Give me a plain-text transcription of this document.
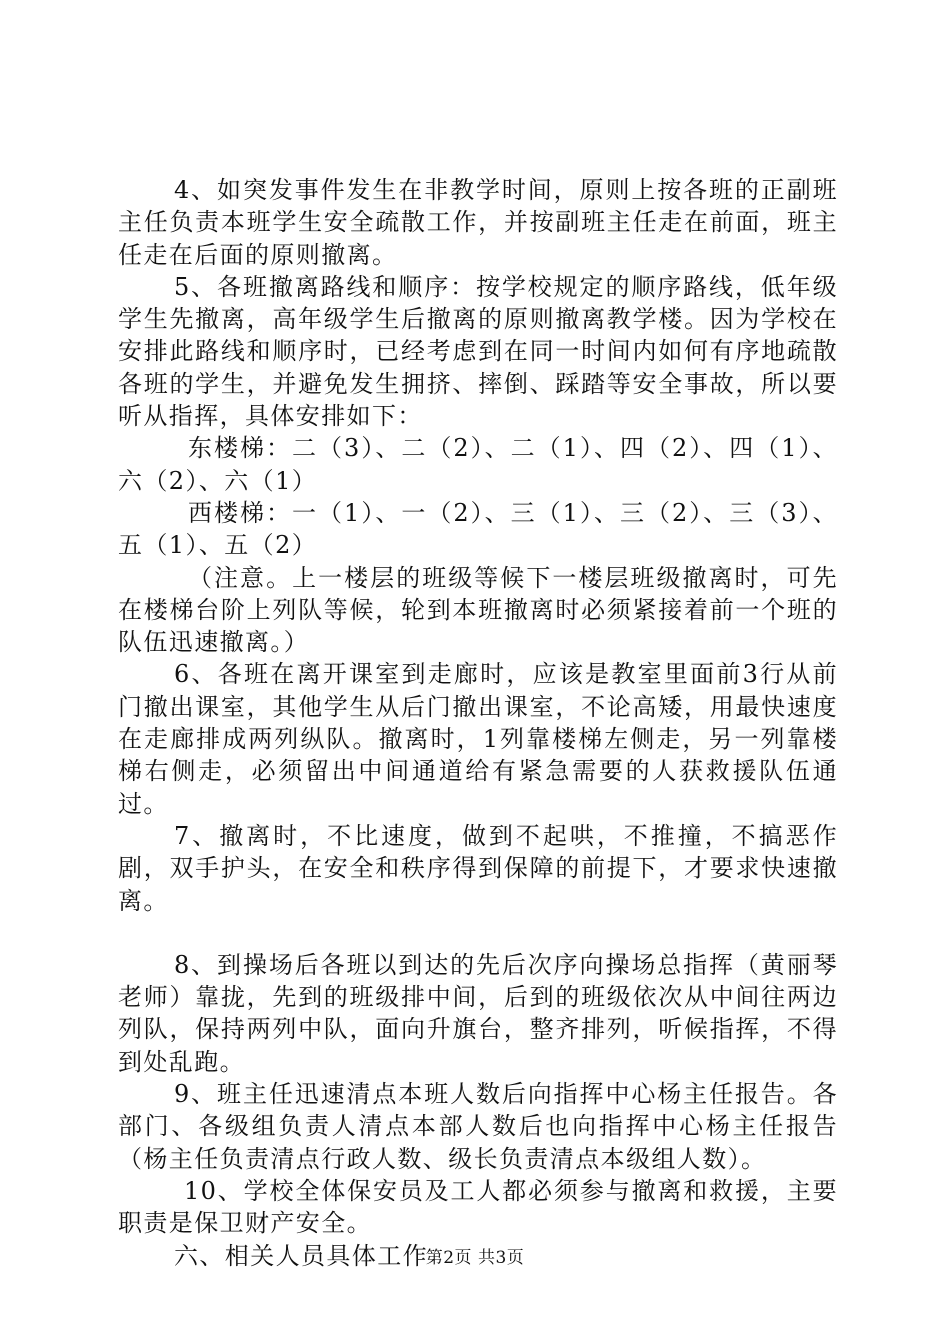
4、如突发事件发生在非教学时间，原则上按各班的正副班主任负责本班学生安全疏散工作，并按副班主任走在前面，班主任走在后面的原则撤离。

5、各班撤离路线和顺序：按学校规定的顺序路线，低年级学生先撤离，高年级学生后撤离的原则撤离教学楼。因为学校在安排此路线和顺序时，已经考虑到在同一时间内如何有序地疏散各班的学生，并避免发生拥挤、摔倒、踩踏等安全事故，所以要听从指挥，具体安排如下：

东楼梯：二（3）、二（2）、二（1）、四（2）、四（1）、六（2）、六（1）

西楼梯：一（1）、一（2）、三（1）、三（2）、三（3）、五（1）、五（2）

（注意。上一楼层的班级等候下一楼层班级撤离时，可先在楼梯台阶上列队等候，轮到本班撤离时必须紧接着前一个班的队伍迅速撤离。）

6、各班在离开课室到走廊时，应该是教室里面前3行从前门撤出课室，其他学生从后门撤出课室，不论高矮，用最快速度在走廊排成两列纵队。撤离时，1列靠楼梯左侧走，另一列靠楼梯右侧走，必须留出中间通道给有紧急需要的人获救援队伍通过。

7、撤离时，不比速度，做到不起哄，不推撞，不搞恶作剧，双手护头，在安全和秩序得到保障的前提下，才要求快速撤离。

8、到操场后各班以到达的先后次序向操场总指挥（黄丽琴老师）靠拢，先到的班级排中间，后到的班级依次从中间往两边列队，保持两列中队，面向升旗台，整齐排列，听候指挥，不得到处乱跑。

9、班主任迅速清点本班人数后向指挥中心杨主任报告。各部门、各级组负责人清点本部人数后也向指挥中心杨主任报告（杨主任负责清点行政人数、级长负责清点本级组人数）。

10、学校全体保安员及工人都必须参与撤离和救援，主要职责是保卫财产安全。

六、相关人员具体工作

第2页 共3页
